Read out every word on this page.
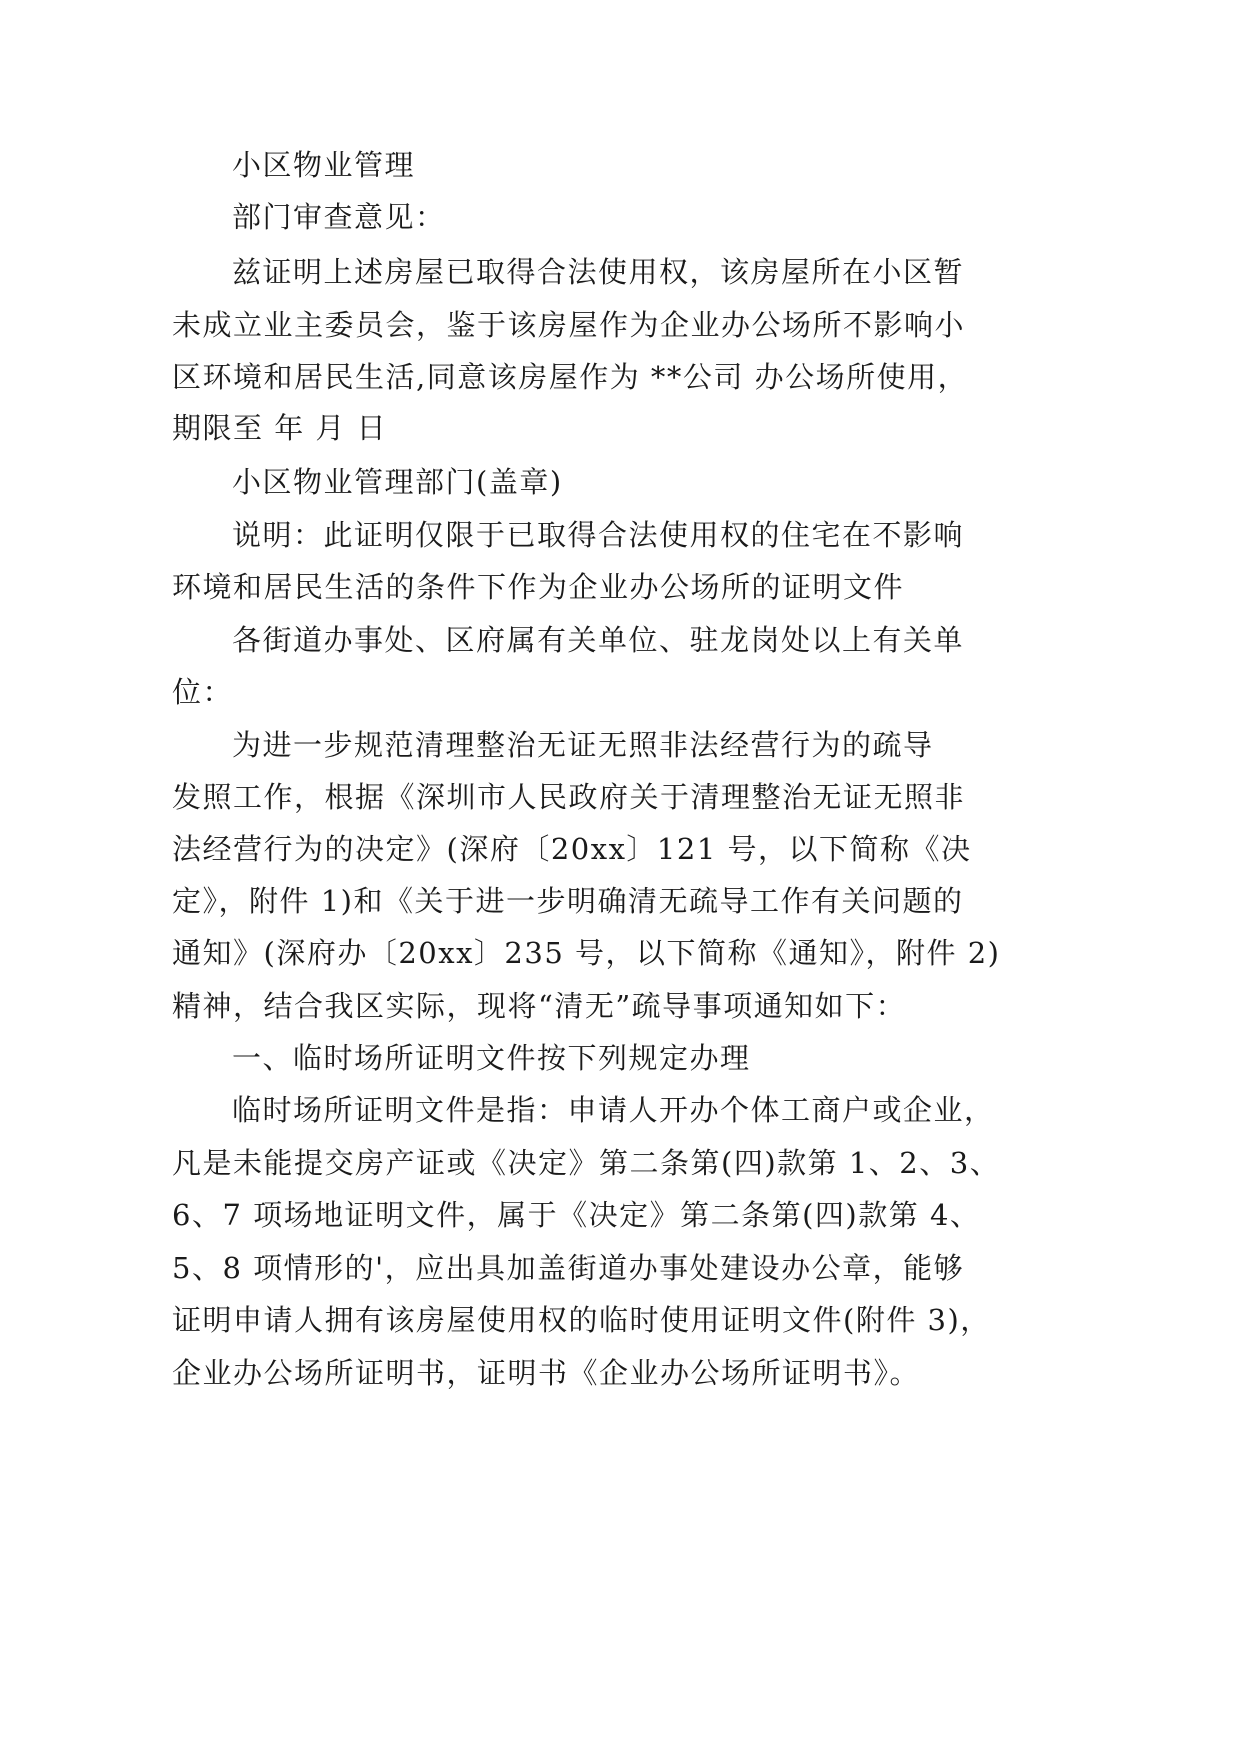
小区物业管理
部门审查意见：
兹证明上述房屋已取得合法使用权，该房屋所在小区暂
未成立业主委员会，鉴于该房屋作为企业办公场所不影响小
区环境和居民生活,同意该房屋作为 **公司 办公场所使用，
期限至 年 月 日
小区物业管理部门(盖章)
说明：此证明仅限于已取得合法使用权的住宅在不影响
环境和居民生活的条件下作为企业办公场所的证明文件
各街道办事处、区府属有关单位、驻龙岗处以上有关单
位：
为进一步规范清理整治无证无照非法经营行为的疏导
发照工作，根据《深圳市人民政府关于清理整治无证无照非
法经营行为的决定》(深府〔20xx〕121 号，以下简称《决
定》，附件 1)和《关于进一步明确清无疏导工作有关问题的
通知》(深府办〔20xx〕235 号，以下简称《通知》，附件 2)
精神，结合我区实际，现将“清无”疏导事项通知如下：
一、临时场所证明文件按下列规定办理
临时场所证明文件是指：申请人开办个体工商户或企业，
凡是未能提交房产证或《决定》第二条第(四)款第 1、2、3、
6、7 项场地证明文件，属于《决定》第二条第(四)款第 4、
5、8 项情形的'，应出具加盖街道办事处建设办公章，能够
证明申请人拥有该房屋使用权的临时使用证明文件(附件 3)，
企业办公场所证明书，证明书《企业办公场所证明书》。
